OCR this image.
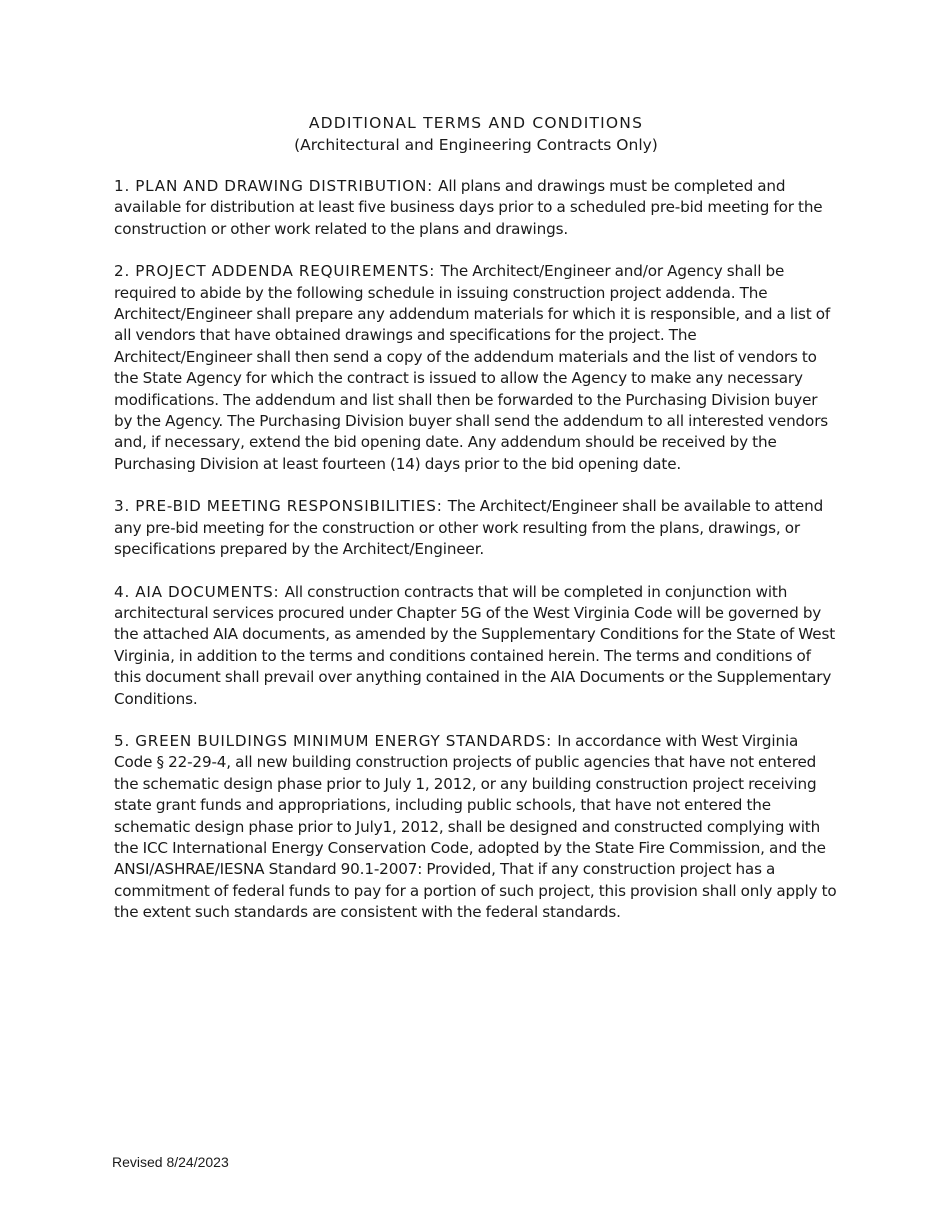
ADDITIONAL TERMS AND CONDITIONS
(Architectural and Engineering Contracts Only)

1. PLAN AND DRAWING DISTRIBUTION: All plans and drawings must be completed and available for distribution at least five business days prior to a scheduled pre-bid meeting for the construction or other work related to the plans and drawings.

2. PROJECT ADDENDA REQUIREMENTS: The Architect/Engineer and/or Agency shall be required to abide by the following schedule in issuing construction project addenda. The Architect/Engineer shall prepare any addendum materials for which it is responsible, and a list of all vendors that have obtained drawings and specifications for the project. The Architect/Engineer shall then send a copy of the addendum materials and the list of vendors to the State Agency for which the contract is issued to allow the Agency to make any necessary modifications. The addendum and list shall then be forwarded to the Purchasing Division buyer by the Agency. The Purchasing Division buyer shall send the addendum to all interested vendors and, if necessary, extend the bid opening date. Any addendum should be received by the Purchasing Division at least fourteen (14) days prior to the bid opening date.

3. PRE-BID MEETING RESPONSIBILITIES: The Architect/Engineer shall be available to attend any pre-bid meeting for the construction or other work resulting from the plans, drawings, or specifications prepared by the Architect/Engineer.

4. AIA DOCUMENTS: All construction contracts that will be completed in conjunction with architectural services procured under Chapter 5G of the West Virginia Code will be governed by the attached AIA documents, as amended by the Supplementary Conditions for the State of West Virginia, in addition to the terms and conditions contained herein. The terms and conditions of this document shall prevail over anything contained in the AIA Documents or the Supplementary Conditions.

5. GREEN BUILDINGS MINIMUM ENERGY STANDARDS: In accordance with West Virginia Code § 22-29-4, all new building construction projects of public agencies that have not entered the schematic design phase prior to July 1, 2012, or any building construction project receiving state grant funds and appropriations, including public schools, that have not entered the schematic design phase prior to July1, 2012, shall be designed and constructed complying with the ICC International Energy Conservation Code, adopted by the State Fire Commission, and the ANSI/ASHRAE/IESNA Standard 90.1-2007: Provided, That if any construction project has a commitment of federal funds to pay for a portion of such project, this provision shall only apply to the extent such standards are consistent with the federal standards.

Revised 8/24/2023
